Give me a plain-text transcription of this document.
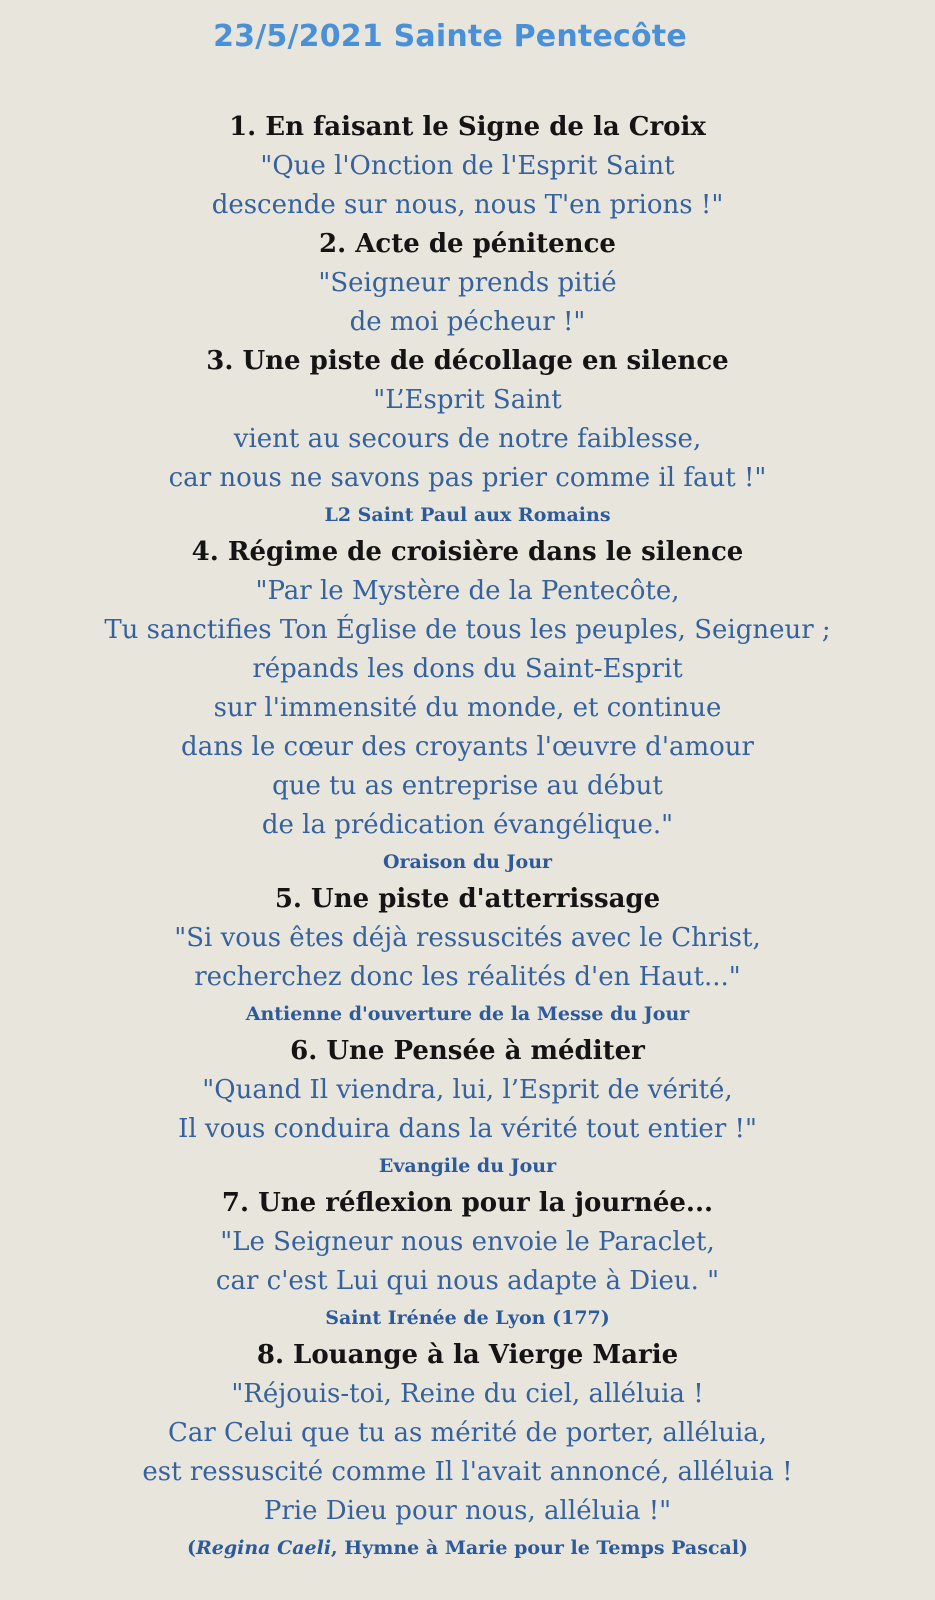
23/5/2021 Sainte Pentecôte
1. En faisant le Signe de la Croix
"Que l'Onction de l'Esprit Saint
descende sur nous, nous T'en prions !"
2. Acte de pénitence
"Seigneur prends pitié
de moi pécheur !"
3. Une piste de décollage en silence
"L’Esprit Saint
vient au secours de notre faiblesse,
car nous ne savons pas prier comme il faut !"
L2 Saint Paul aux Romains
4. Régime de croisière dans le silence
"Par le Mystère de la Pentecôte,
Tu sanctifies Ton Église de tous les peuples, Seigneur ;
répands les dons du Saint-Esprit
sur l'immensité du monde, et continue
dans le cœur des croyants l'œuvre d'amour
que tu as entreprise au début
de la prédication évangélique."
Oraison du Jour
5. Une piste d'atterrissage
"Si vous êtes déjà ressuscités avec le Christ,
recherchez donc les réalités d'en Haut..."
Antienne d'ouverture de la Messe du Jour
6. Une Pensée à méditer
"Quand Il viendra, lui, l’Esprit de vérité,
Il vous conduira dans la vérité tout entier !"
Evangile du Jour
7. Une réflexion pour la journée...
"Le Seigneur nous envoie le Paraclet,
car c'est Lui qui nous adapte à Dieu. "
Saint Irénée de Lyon (177)
8. Louange à la Vierge Marie
"Réjouis-toi, Reine du ciel, alléluia !
Car Celui que tu as mérité de porter, alléluia,
est ressuscité comme Il l'avait annoncé, alléluia !
Prie Dieu pour nous, alléluia !"
(Regina Caeli, Hymne à Marie pour le Temps Pascal)
